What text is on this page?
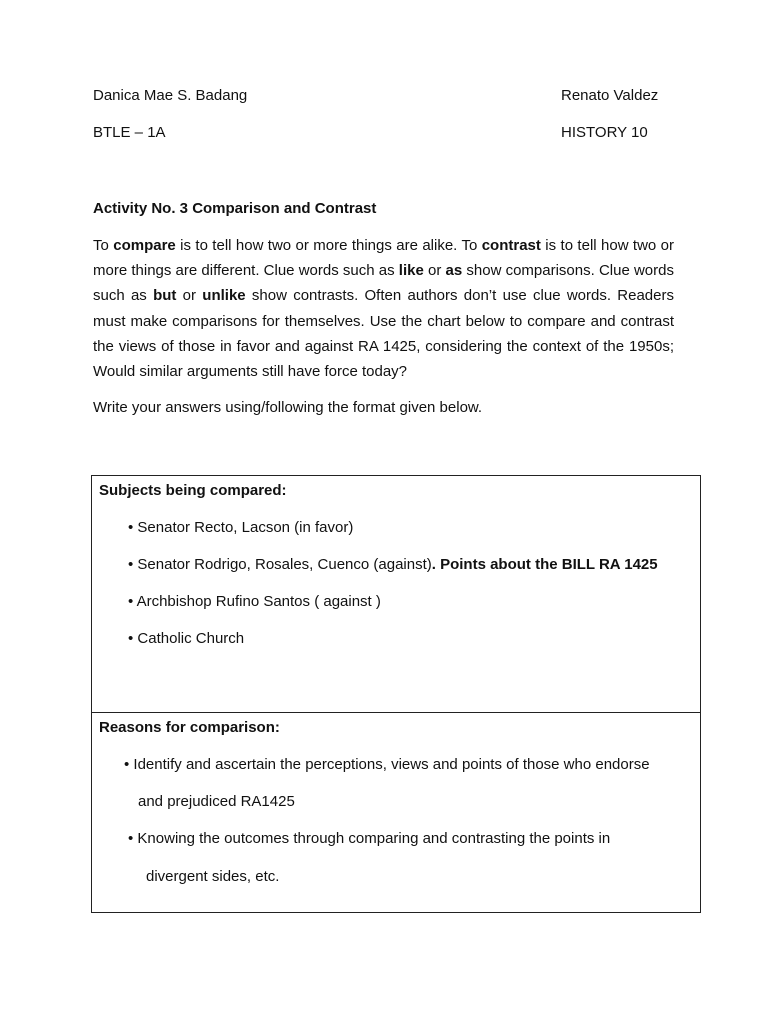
Danica Mae S. Badang	Renato Valdez
BTLE – 1A	HISTORY 10
Activity No. 3 Comparison and Contrast

To compare is to tell how two or more things are alike. To contrast is to tell how two or more things are different. Clue words such as like or as show comparisons. Clue words such as but or unlike show contrasts. Often authors don’t use clue words. Readers must make comparisons for themselves. Use the chart below to compare and contrast the views of those in favor and against RA 1425, considering the context of the 1950s; Would similar arguments still have force today?

Write your answers using/following the format given below.
Subjects being compared:
• Senator Recto, Lacson (in favor)
• Senator Rodrigo, Rosales, Cuenco (against). Points about the BILL RA 1425
• Archbishop Rufino Santos ( against )
• Catholic Church
Reasons for comparison:
• Identify and ascertain the perceptions, views and points of those who endorse
and prejudiced RA1425
• Knowing the outcomes through comparing and contrasting the points in
divergent sides, etc.
